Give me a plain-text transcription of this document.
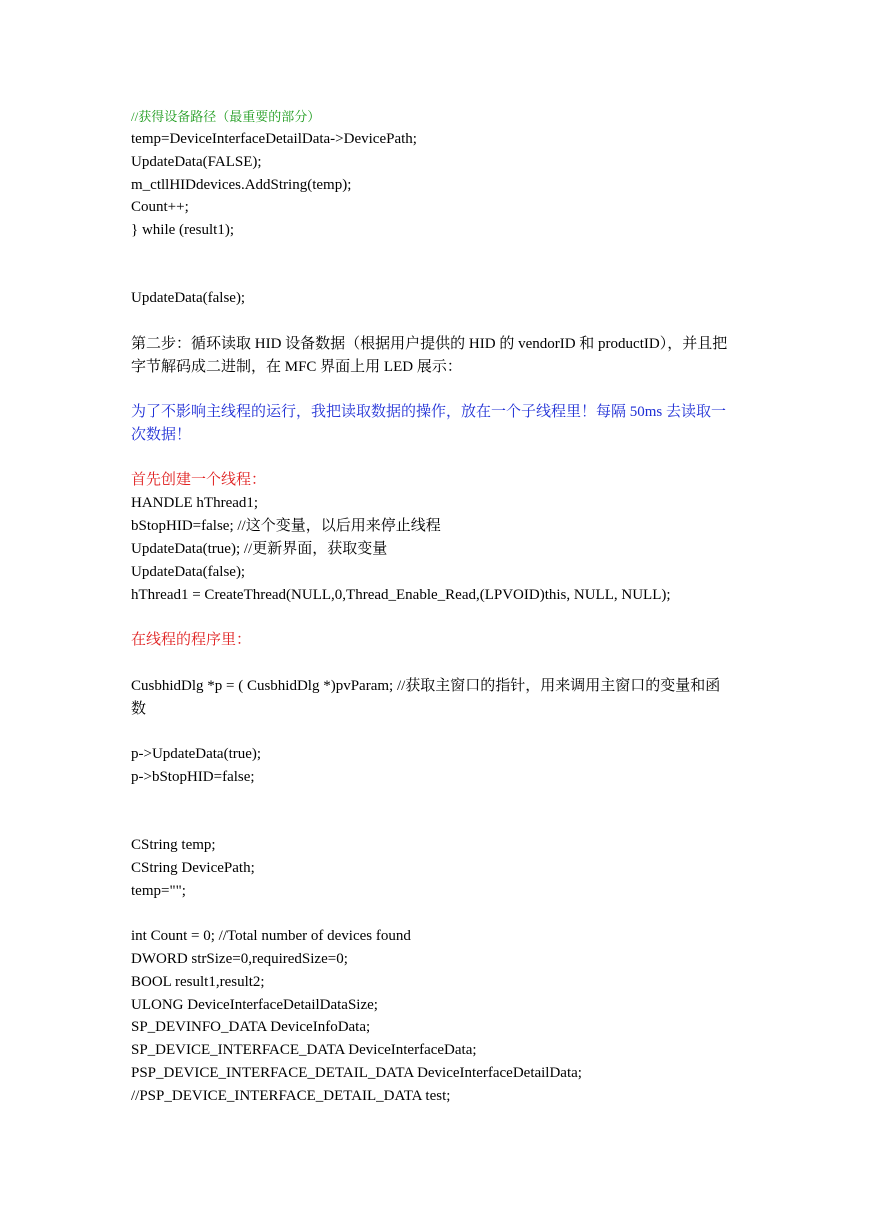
//获得设备路径（最重要的部分）
temp=DeviceInterfaceDetailData->DevicePath;
UpdateData(FALSE);
m_ctllHIDdevices.AddString(temp);
Count++;
} while (result1);
UpdateData(false);
第二步：循环读取 HID 设备数据（根据用户提供的 HID 的 vendorID 和 productID），并且把
字节解码成二进制，在 MFC 界面上用 LED 展示：
为了不影响主线程的运行，我把读取数据的操作，放在一个子线程里！每隔 50ms 去读取一
次数据！
首先创建一个线程：
HANDLE hThread1;
bStopHID=false; //这个变量，以后用来停止线程
UpdateData(true); //更新界面，获取变量
UpdateData(false);
hThread1 = CreateThread(NULL,0,Thread_Enable_Read,(LPVOID)this, NULL, NULL);
在线程的程序里：
CusbhidDlg *p = ( CusbhidDlg *)pvParam; //获取主窗口的指针，用来调用主窗口的变量和函
数
p->UpdateData(true);
p->bStopHID=false;
CString temp;
CString DevicePath;
temp="";
int Count = 0; //Total number of devices found
DWORD strSize=0,requiredSize=0;
BOOL result1,result2;
ULONG DeviceInterfaceDetailDataSize;
SP_DEVINFO_DATA DeviceInfoData;
SP_DEVICE_INTERFACE_DATA DeviceInterfaceData;
PSP_DEVICE_INTERFACE_DETAIL_DATA DeviceInterfaceDetailData;
//PSP_DEVICE_INTERFACE_DETAIL_DATA test;
